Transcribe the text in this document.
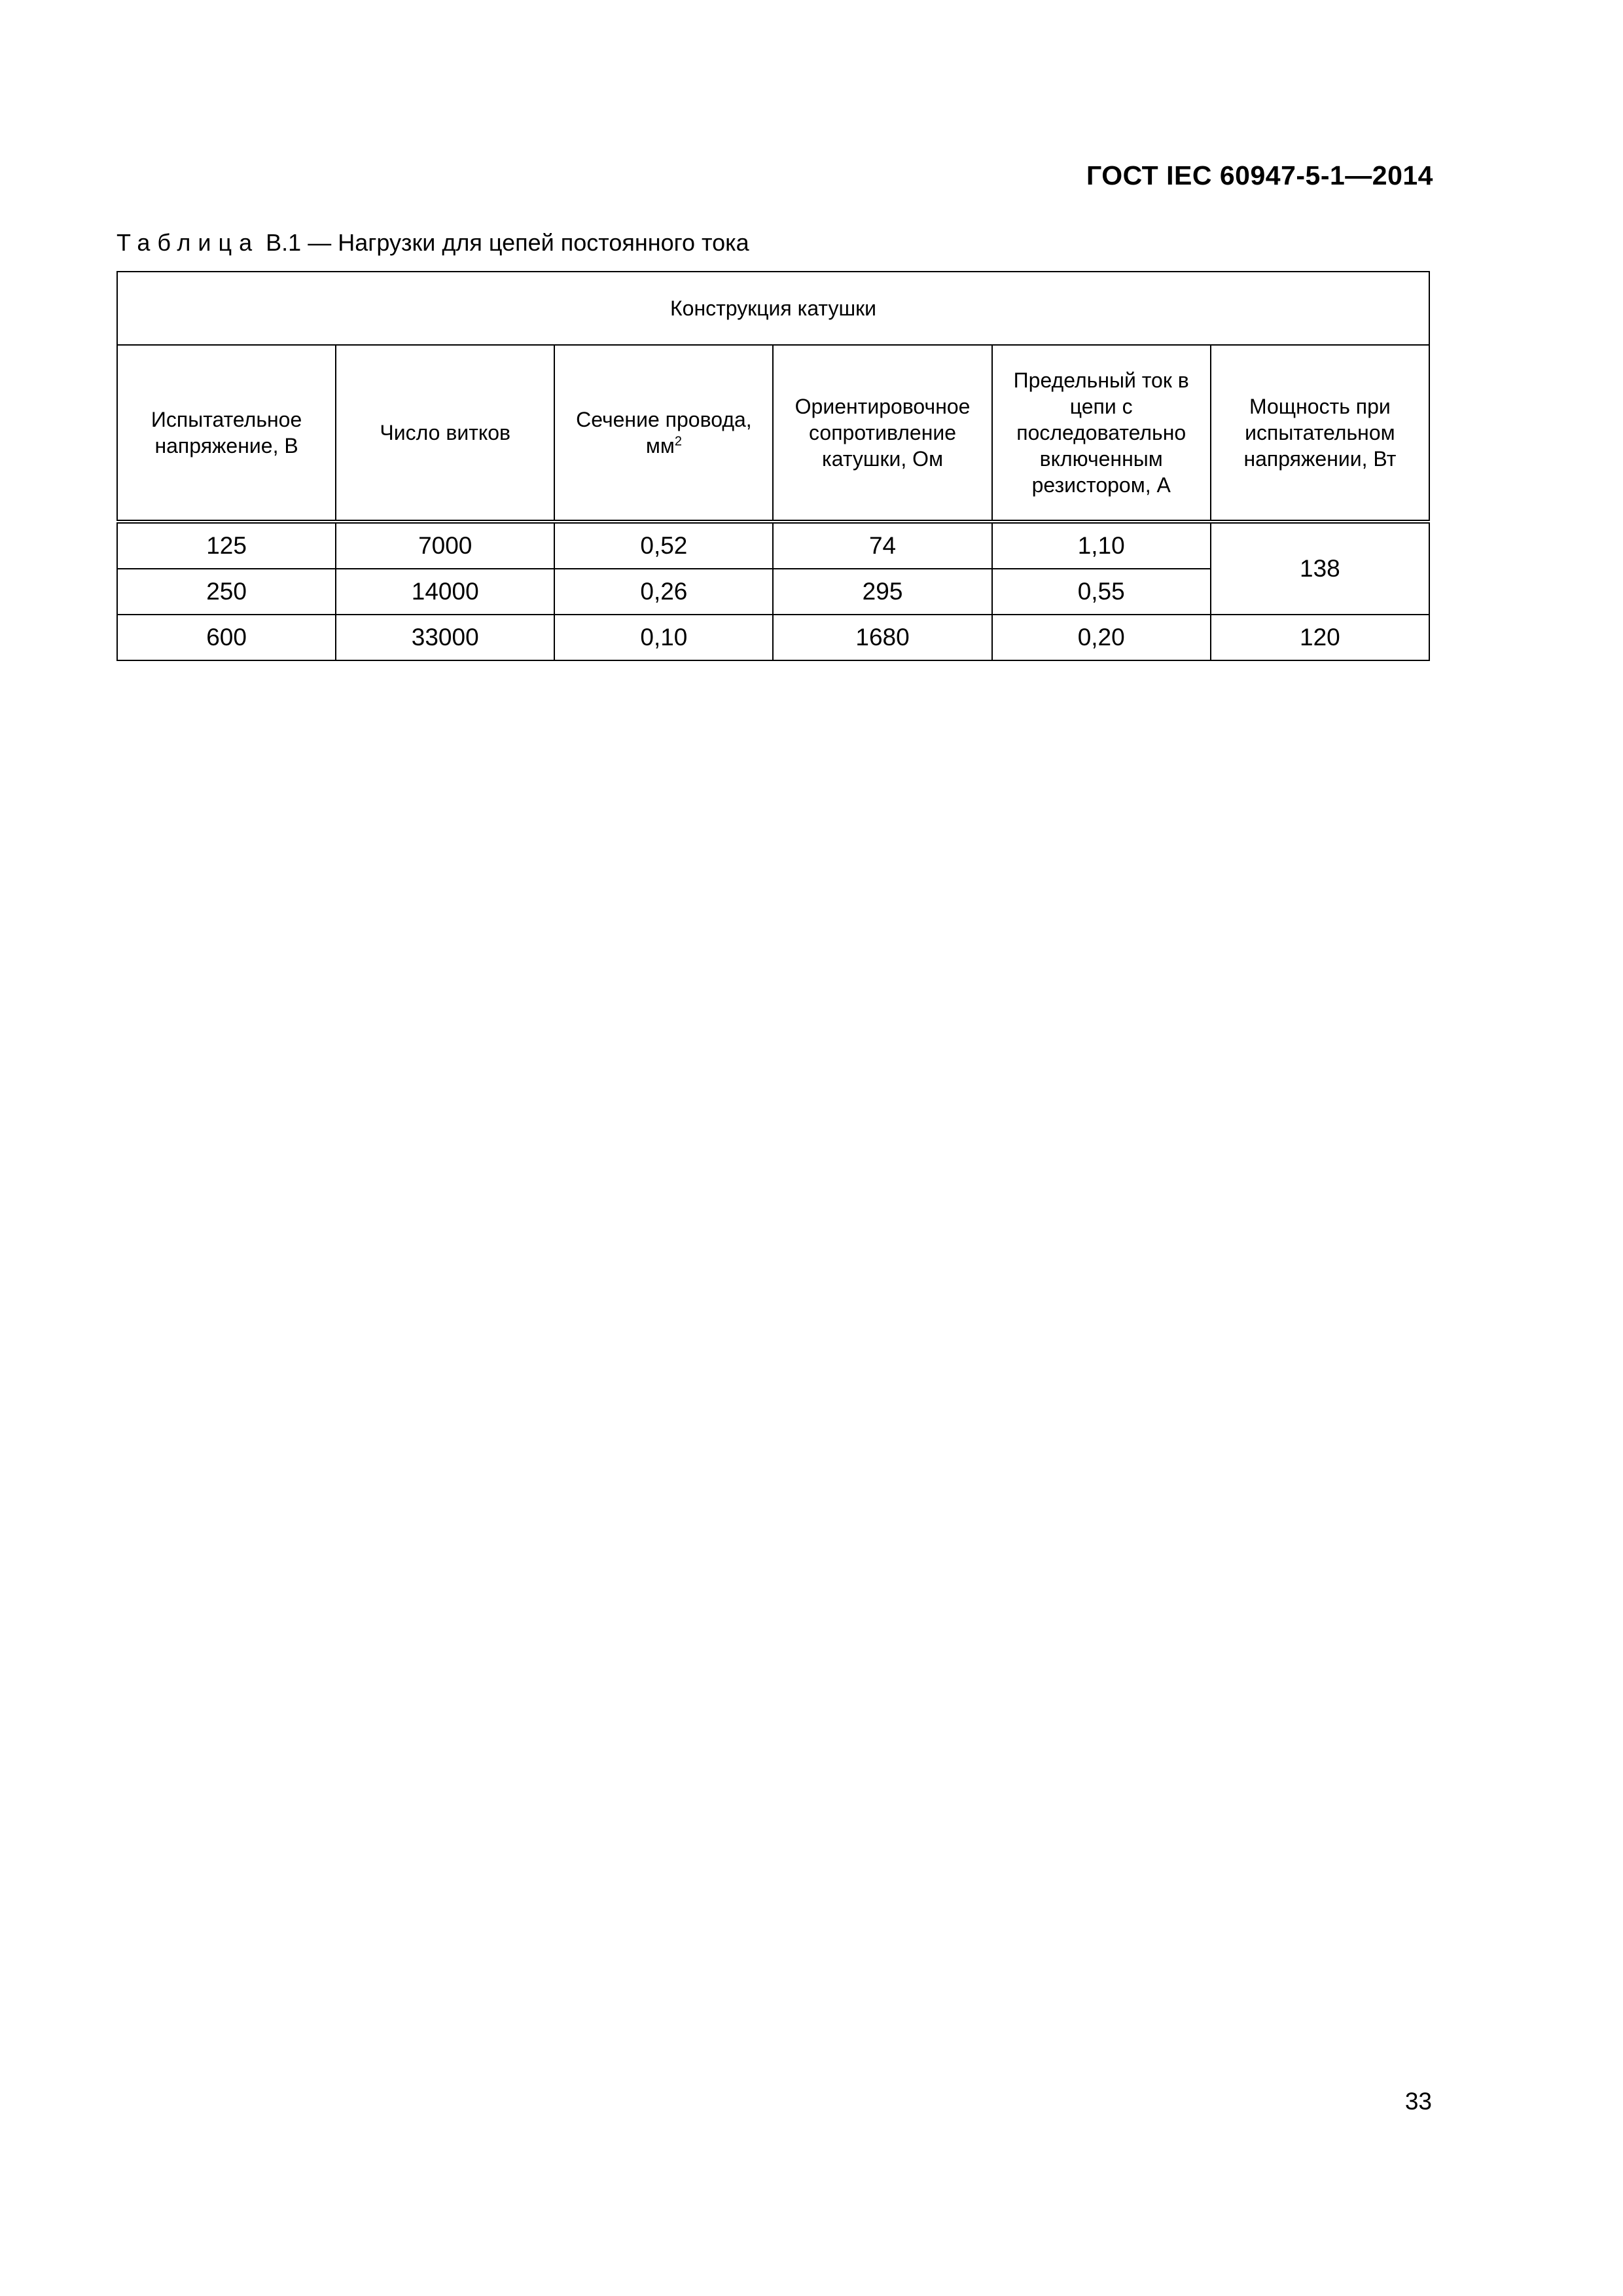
ГОСТ IEC 60947-5-1—2014
Таблица В.1 — Нагрузки для цепей постоянного тока
Конструкция катушки					
Испытательное напряжение, В	Число витков	Сечение провода, $мм^2$	Ориентировочное сопротивление катушки, Ом	Предельный ток в цепи с последовательно включенным резистором, А	Мощность при испытательном напряжении, Вт
125	7000	0,52	74	1,10	138
250	14000	0,26	295	0,55	
600	33000	0,10	1680	0,20	120
33
